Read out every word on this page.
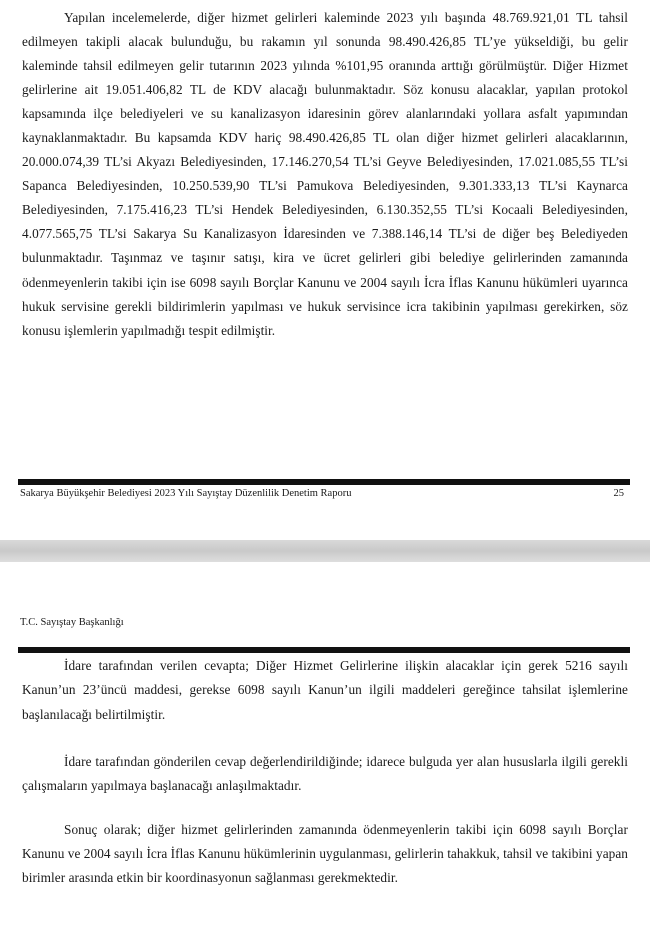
Yapılan incelemelerde, diğer hizmet gelirleri kaleminde 2023 yılı başında 48.769.921,01 TL tahsil edilmeyen takipli alacak bulunduğu, bu rakamın yıl sonunda 98.490.426,85 TL’ye yükseldiği, bu gelir kaleminde tahsil edilmeyen gelir tutarının 2023 yılında %101,95 oranında arttığı görülmüştür. Diğer Hizmet gelirlerine ait 19.051.406,82 TL de KDV alacağı bulunmaktadır. Söz konusu alacaklar, yapılan protokol kapsamında ilçe belediyeleri ve su kanalizasyon idaresinin görev alanlarındaki yollara asfalt yapımından kaynaklanmaktadır. Bu kapsamda KDV hariç 98.490.426,85 TL olan diğer hizmet gelirleri alacaklarının, 20.000.074,39 TL’si Akyazı Belediyesinden, 17.146.270,54 TL’si Geyve Belediyesinden, 17.021.085,55 TL’si Sapanca Belediyesinden, 10.250.539,90 TL’si Pamukova Belediyesinden, 9.301.333,13 TL’si Kaynarca Belediyesinden, 7.175.416,23 TL’si Hendek Belediyesinden, 6.130.352,55 TL’si Kocaali Belediyesinden, 4.077.565,75 TL’si Sakarya Su Kanalizasyon İdaresinden ve 7.388.146,14 TL’si de diğer beş Belediyeden bulunmaktadır. Taşınmaz ve taşınır satışı, kira ve ücret gelirleri gibi belediye gelirlerinden zamanında ödenmeyenlerin takibi için ise 6098 sayılı Borçlar Kanunu ve 2004 sayılı İcra İflas Kanunu hükümleri uyarınca hukuk servisine gerekli bildirimlerin yapılması ve hukuk servisince icra takibinin yapılması gerekirken, söz konusu işlemlerin yapılmadığı tespit edilmiştir.

Sakarya Büyükşehir Belediyesi 2023 Yılı Sayıştay Düzenlilik Denetim Raporu	25
T.C. Sayıştay Başkanlığı

İdare tarafından verilen cevapta; Diğer Hizmet Gelirlerine ilişkin alacaklar için gerek 5216 sayılı Kanun’un 23’üncü maddesi, gerekse 6098 sayılı Kanun’un ilgili maddeleri gereğince tahsilat işlemlerine başlanılacağı belirtilmiştir.

İdare tarafından gönderilen cevap değerlendirildiğinde; idarece bulguda yer alan hususlarla ilgili gerekli çalışmaların yapılmaya başlanacağı anlaşılmaktadır.

Sonuç olarak; diğer hizmet gelirlerinden zamanında ödenmeyenlerin takibi için 6098 sayılı Borçlar Kanunu ve 2004 sayılı İcra İflas Kanunu hükümlerinin uygulanması, gelirlerin tahakkuk, tahsil ve takibini yapan birimler arasında etkin bir koordinasyonun sağlanması gerekmektedir.
